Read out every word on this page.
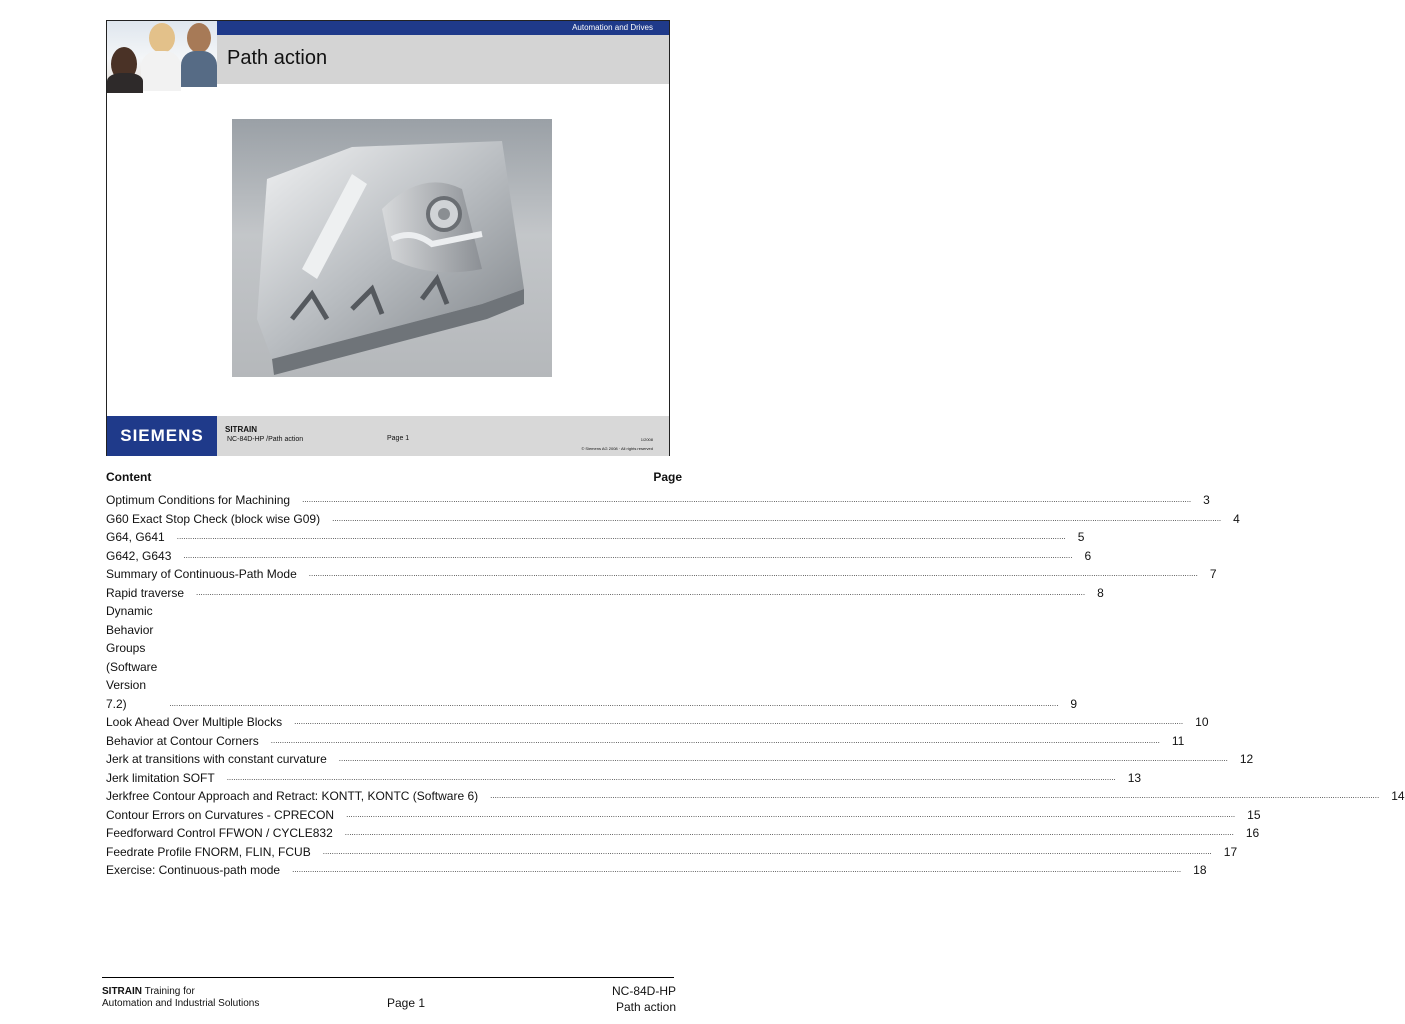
Automation and Drives
Path action
SIEMENS	SITRAIN
NC-84D-HP /Path action	Page 1	1/2008
© Siemens AG 2008 · All rights reserved
Content	Page
Optimum Conditions for Machining ................................................................................................................................................................................................................................................................................................................................................................................................................ 3
G60 Exact Stop Check (block wise G09) ................................................................................................................................................................................................................................................................................................................................................................................................................ 4
G64, G641 ................................................................................................................................................................................................................................................................................................................................................................................................................ 5
G642, G643 ................................................................................................................................................................................................................................................................................................................................................................................................................ 6
Summary of Continuous-Path Mode ................................................................................................................................................................................................................................................................................................................................................................................................................ 7
Rapid traverse ................................................................................................................................................................................................................................................................................................................................................................................................................ 8
Dynamic Behavior Groups
(Software Version 7.2)	................................................................................................................................................................................................................................................................................................................................................................................................................ 9
Look Ahead Over Multiple Blocks ................................................................................................................................................................................................................................................................................................................................................................................................................ 10
Behavior at Contour Corners ................................................................................................................................................................................................................................................................................................................................................................................................................ 11
Jerk at transitions with constant curvature ................................................................................................................................................................................................................................................................................................................................................................................................................ 12
Jerk limitation SOFT ................................................................................................................................................................................................................................................................................................................................................................................................................ 13
Jerkfree Contour Approach and Retract: KONTT, KONTC (Software 6) ................................................................................................................................................................................................................................................................................................................................................................................................................ 14
Contour Errors on Curvatures - CPRECON ................................................................................................................................................................................................................................................................................................................................................................................................................ 15
Feedforward Control FFWON / CYCLE832 ................................................................................................................................................................................................................................................................................................................................................................................................................ 16
Feedrate Profile FNORM, FLIN, FCUB ................................................................................................................................................................................................................................................................................................................................................................................................................ 17
Exercise: Continuous-path mode ................................................................................................................................................................................................................................................................................................................................................................................................................ 18
SITRAIN Training for
Automation and Industrial Solutions	Page 1
NC-84D-HP
Path action
